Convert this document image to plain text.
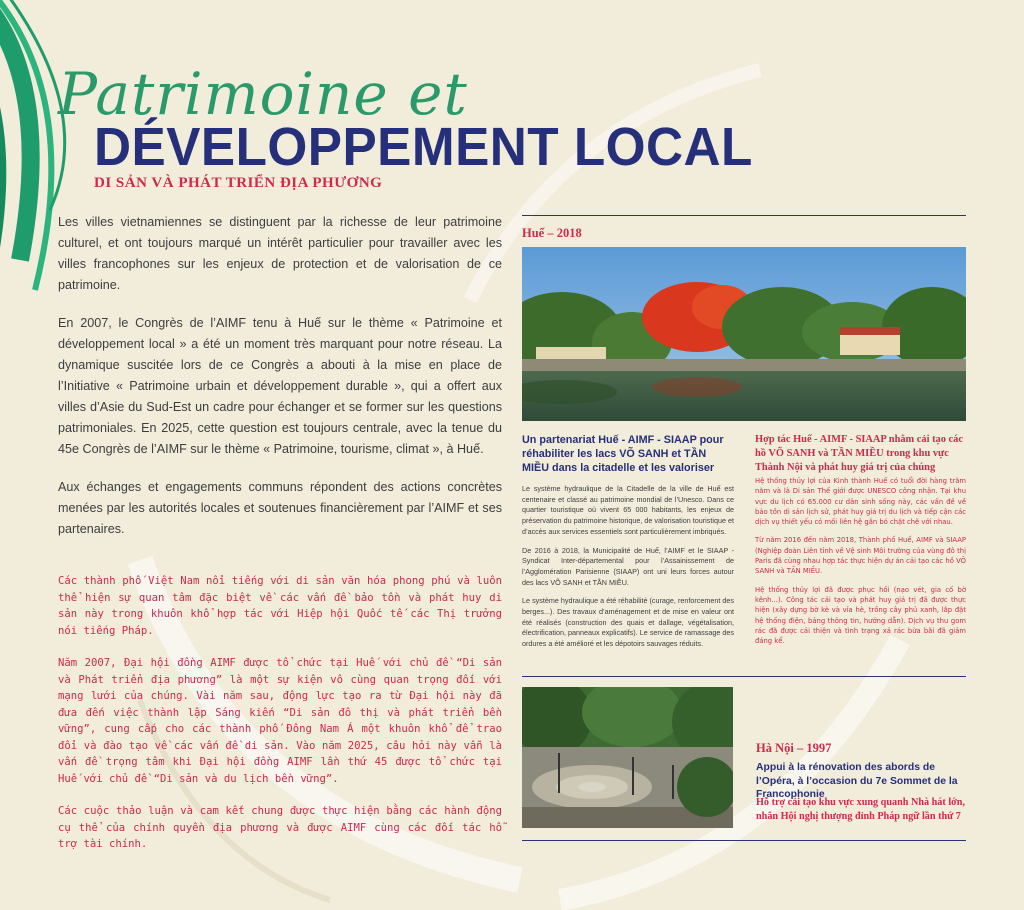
Patrimoine et
DÉVELOPPEMENT LOCAL
DI SẢN VÀ PHÁT TRIỂN ĐỊA PHƯƠNG

Les villes vietnamiennes se distinguent par la richesse de leur patrimoine culturel, et ont toujours marqué un intérêt particulier pour travailler avec les villes francophones sur les enjeux de protection et de valorisation de ce patrimoine.

En 2007, le Congrès de l’AIMF tenu à Huế sur le thème « Patrimoine et développement local » a été un moment très marquant pour notre réseau. La dynamique suscitée lors de ce Congrès a abouti à la mise en place de l’Initiative « Patrimoine urbain et développement durable », qui a offert aux villes d’Asie du Sud-Est un cadre pour échanger et se former sur les questions patrimoniales. En 2025, cette question est toujours centrale, avec la tenue du 45e Congrès de l’AIMF sur le thème « Patrimoine, tourisme, climat », à Huế.

Aux échanges et engagements communs répondent des actions concrètes menées par les autorités locales et soutenues financièrement par l’AIMF et ses partenaires.

Các thành phố Việt Nam nổi tiếng với di sản văn hóa phong phú và luôn thể hiện sự quan tâm đặc biệt về các vấn đề bảo tồn và phát huy di sản này trong khuôn khổ hợp tác với Hiệp hội Quốc tế các Thị trưởng nói tiếng Pháp.

Năm 2007, Đại hội đồng AIMF được tổ chức tại Huế với chủ đề “Di sản và Phát triển địa phương” là một sự kiện vô cùng quan trọng đối với mạng lưới của chúng. Vài năm sau, động lực tạo ra từ Đại hội này đã đưa đến việc thành lập Sáng kiến “Di sản đô thị và phát triển bền vững”, cung cấp cho các thành phố Đông Nam Á một khuôn khổ để trao đổi và đào tạo về các vấn đề di sản. Vào năm 2025, câu hỏi này vẫn là vấn đề trọng tâm khi Đại hội đồng AIMF lần thứ 45 được tổ chức tại Huế với chủ đề “Di sản và du lịch bền vững”.

Các cuộc thảo luận và cam kết chung được thực hiện bằng các hành động cụ thể của chính quyền địa phương và được AIMF cùng các đối tác hỗ trợ tài chính.

Huế – 2018

Un partenariat Huế - AIMF - SIAAP pour réhabiliter les lacs VÕ SANH et TẦN MIỀU dans la citadelle et les valoriser

Hợp tác Huế - AIMF - SIAAP nhằm cải tạo các hồ VÕ SANH và TẦN MIỀU trong khu vực Thành Nội và phát huy giá trị của chúng

Le système hydraulique de la Citadelle de la ville de Huế est centenaire et classé au patrimoine mondial de l’Unesco. Dans ce quartier touristique où vivent 65 000 habitants, les enjeux de préservation du patrimoine historique, de valorisation touristique et d’accès aux services essentiels sont particulièrement imbriqués.

De 2016 à 2018, la Municipalité de Huế, l’AIMF et le SIAAP - Syndicat Inter-départemental pour l’Assainissement de l’Agglomération Parisienne (SIAAP) ont uni leurs forces autour des lacs VÕ SANH et TẦN MIỀU.

Le système hydraulique a été réhabilité (curage, renforcement des berges...). Des travaux d’aménagement et de mise en valeur ont été réalisés (construction des quais et dallage, végétalisation, électrification, panneaux explicatifs). Le service de ramassage des ordures a été amélioré et les dépotoirs sauvages réduits.

Hệ thống thủy lợi của Kinh thành Huế có tuổi đời hàng trăm năm và là Di sản Thế giới được UNESCO công nhận. Tại khu vực du lịch có 65.000 cư dân sinh sống này, các vấn đề về bảo tồn di sản lịch sử, phát huy giá trị du lịch và tiếp cận các dịch vụ thiết yếu có mối liên hệ gắn bó chặt chẽ với nhau.

Từ năm 2016 đến năm 2018, Thành phố Huế, AIMF và SIAAP (Nghiệp đoàn Liên tỉnh về Vệ sinh Môi trường của vùng đô thị Paris đã cùng nhau hợp tác thực hiện dự án cải tạo các hồ VÕ SANH và TẦN MIỀU.

Hệ thống thủy lợi đã được phục hồi (nạo vét, gia cố bờ kênh...). Công tác cải tạo và phát huy giá trị đã được thực hiện (xây dựng bờ kè và vỉa hè, trồng cây phủ xanh, lắp đặt hệ thống điện, bảng thông tin, hướng dẫn). Dịch vụ thu gom rác đã được cải thiện và tình trạng xả rác bừa bãi đã giảm đáng kể.

Hà Nội – 1997

Appui à la rénovation des abords de l’Opéra, à l’occasion du 7e Sommet de la Francophonie

Hỗ trợ cải tạo khu vực xung quanh Nhà hát lớn, nhân Hội nghị thượng đỉnh Pháp ngữ lần thứ 7
